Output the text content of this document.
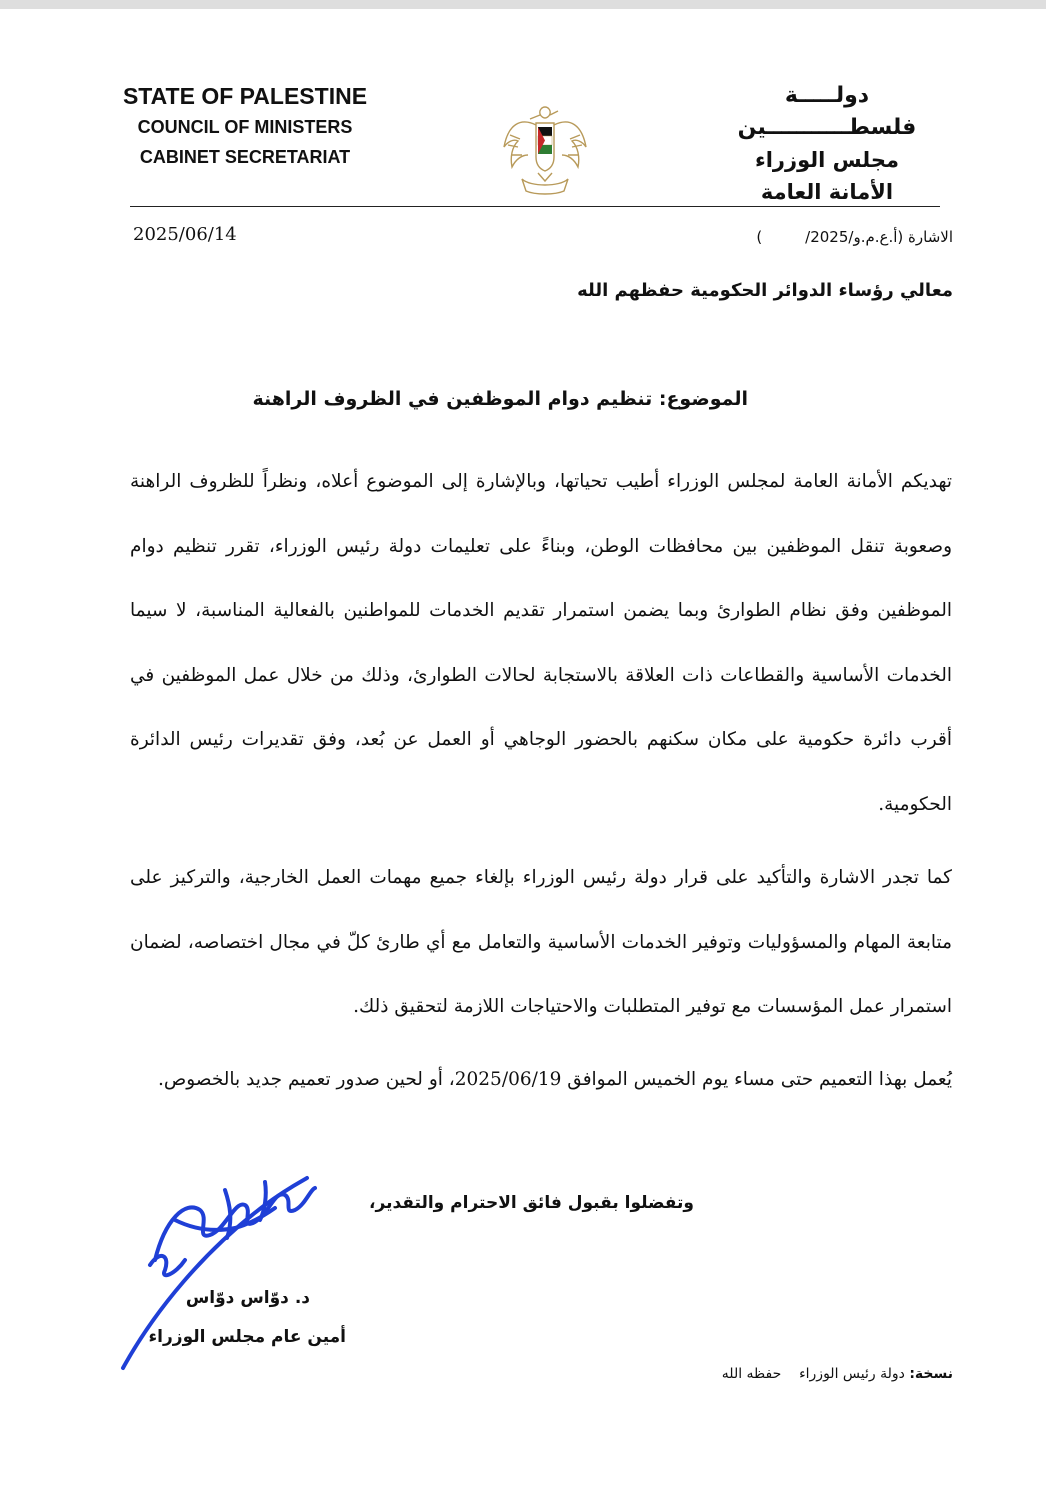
STATE OF PALESTINE
COUNCIL OF MINISTERS
CABINET SECRETARIAT
دولـــــة فلسطـــــــــــين
مجلس الوزراء
الأمانة العامة
2025/06/14	الاشارة (أ.ع.م.و/2025/         )
معالي رؤساء الدوائر الحكومية حفظهم الله
الموضوع: تنظيم دوام الموظفين في الظروف الراهنة
تهديكم الأمانة العامة لمجلس الوزراء أطيب تحياتها، وبالإشارة إلى الموضوع أعلاه، ونظراً للظروف الراهنة وصعوبة تنقل الموظفين بين محافظات الوطن، وبناءً على تعليمات دولة رئيس الوزراء، تقرر تنظيم دوام الموظفين وفق نظام الطوارئ وبما يضمن استمرار تقديم الخدمات للمواطنين بالفعالية المناسبة، لا سيما الخدمات الأساسية والقطاعات ذات العلاقة بالاستجابة لحالات الطوارئ، وذلك من خلال عمل الموظفين في أقرب دائرة حكومية على مكان سكنهم بالحضور الوجاهي أو العمل عن بُعد، وفق تقديرات رئيس الدائرة الحكومية.
كما تجدر الاشارة والتأكيد على قرار دولة رئيس الوزراء بإلغاء جميع مهمات العمل الخارجية، والتركيز على متابعة المهام والمسؤوليات وتوفير الخدمات الأساسية والتعامل مع أي طارئ كلّ في مجال اختصاصه، لضمان استمرار عمل المؤسسات مع توفير المتطلبات والاحتياجات اللازمة لتحقيق ذلك.
يُعمل بهذا التعميم حتى مساء يوم الخميس الموافق 2025/06/19، أو لحين صدور تعميم جديد بالخصوص.
وتفضلوا بقبول فائق الاحترام والتقدير،
د. دوّاس دوّاس
أمين عام مجلس الوزراء
نسخة: دولة رئيس الوزراء    حفظه الله
